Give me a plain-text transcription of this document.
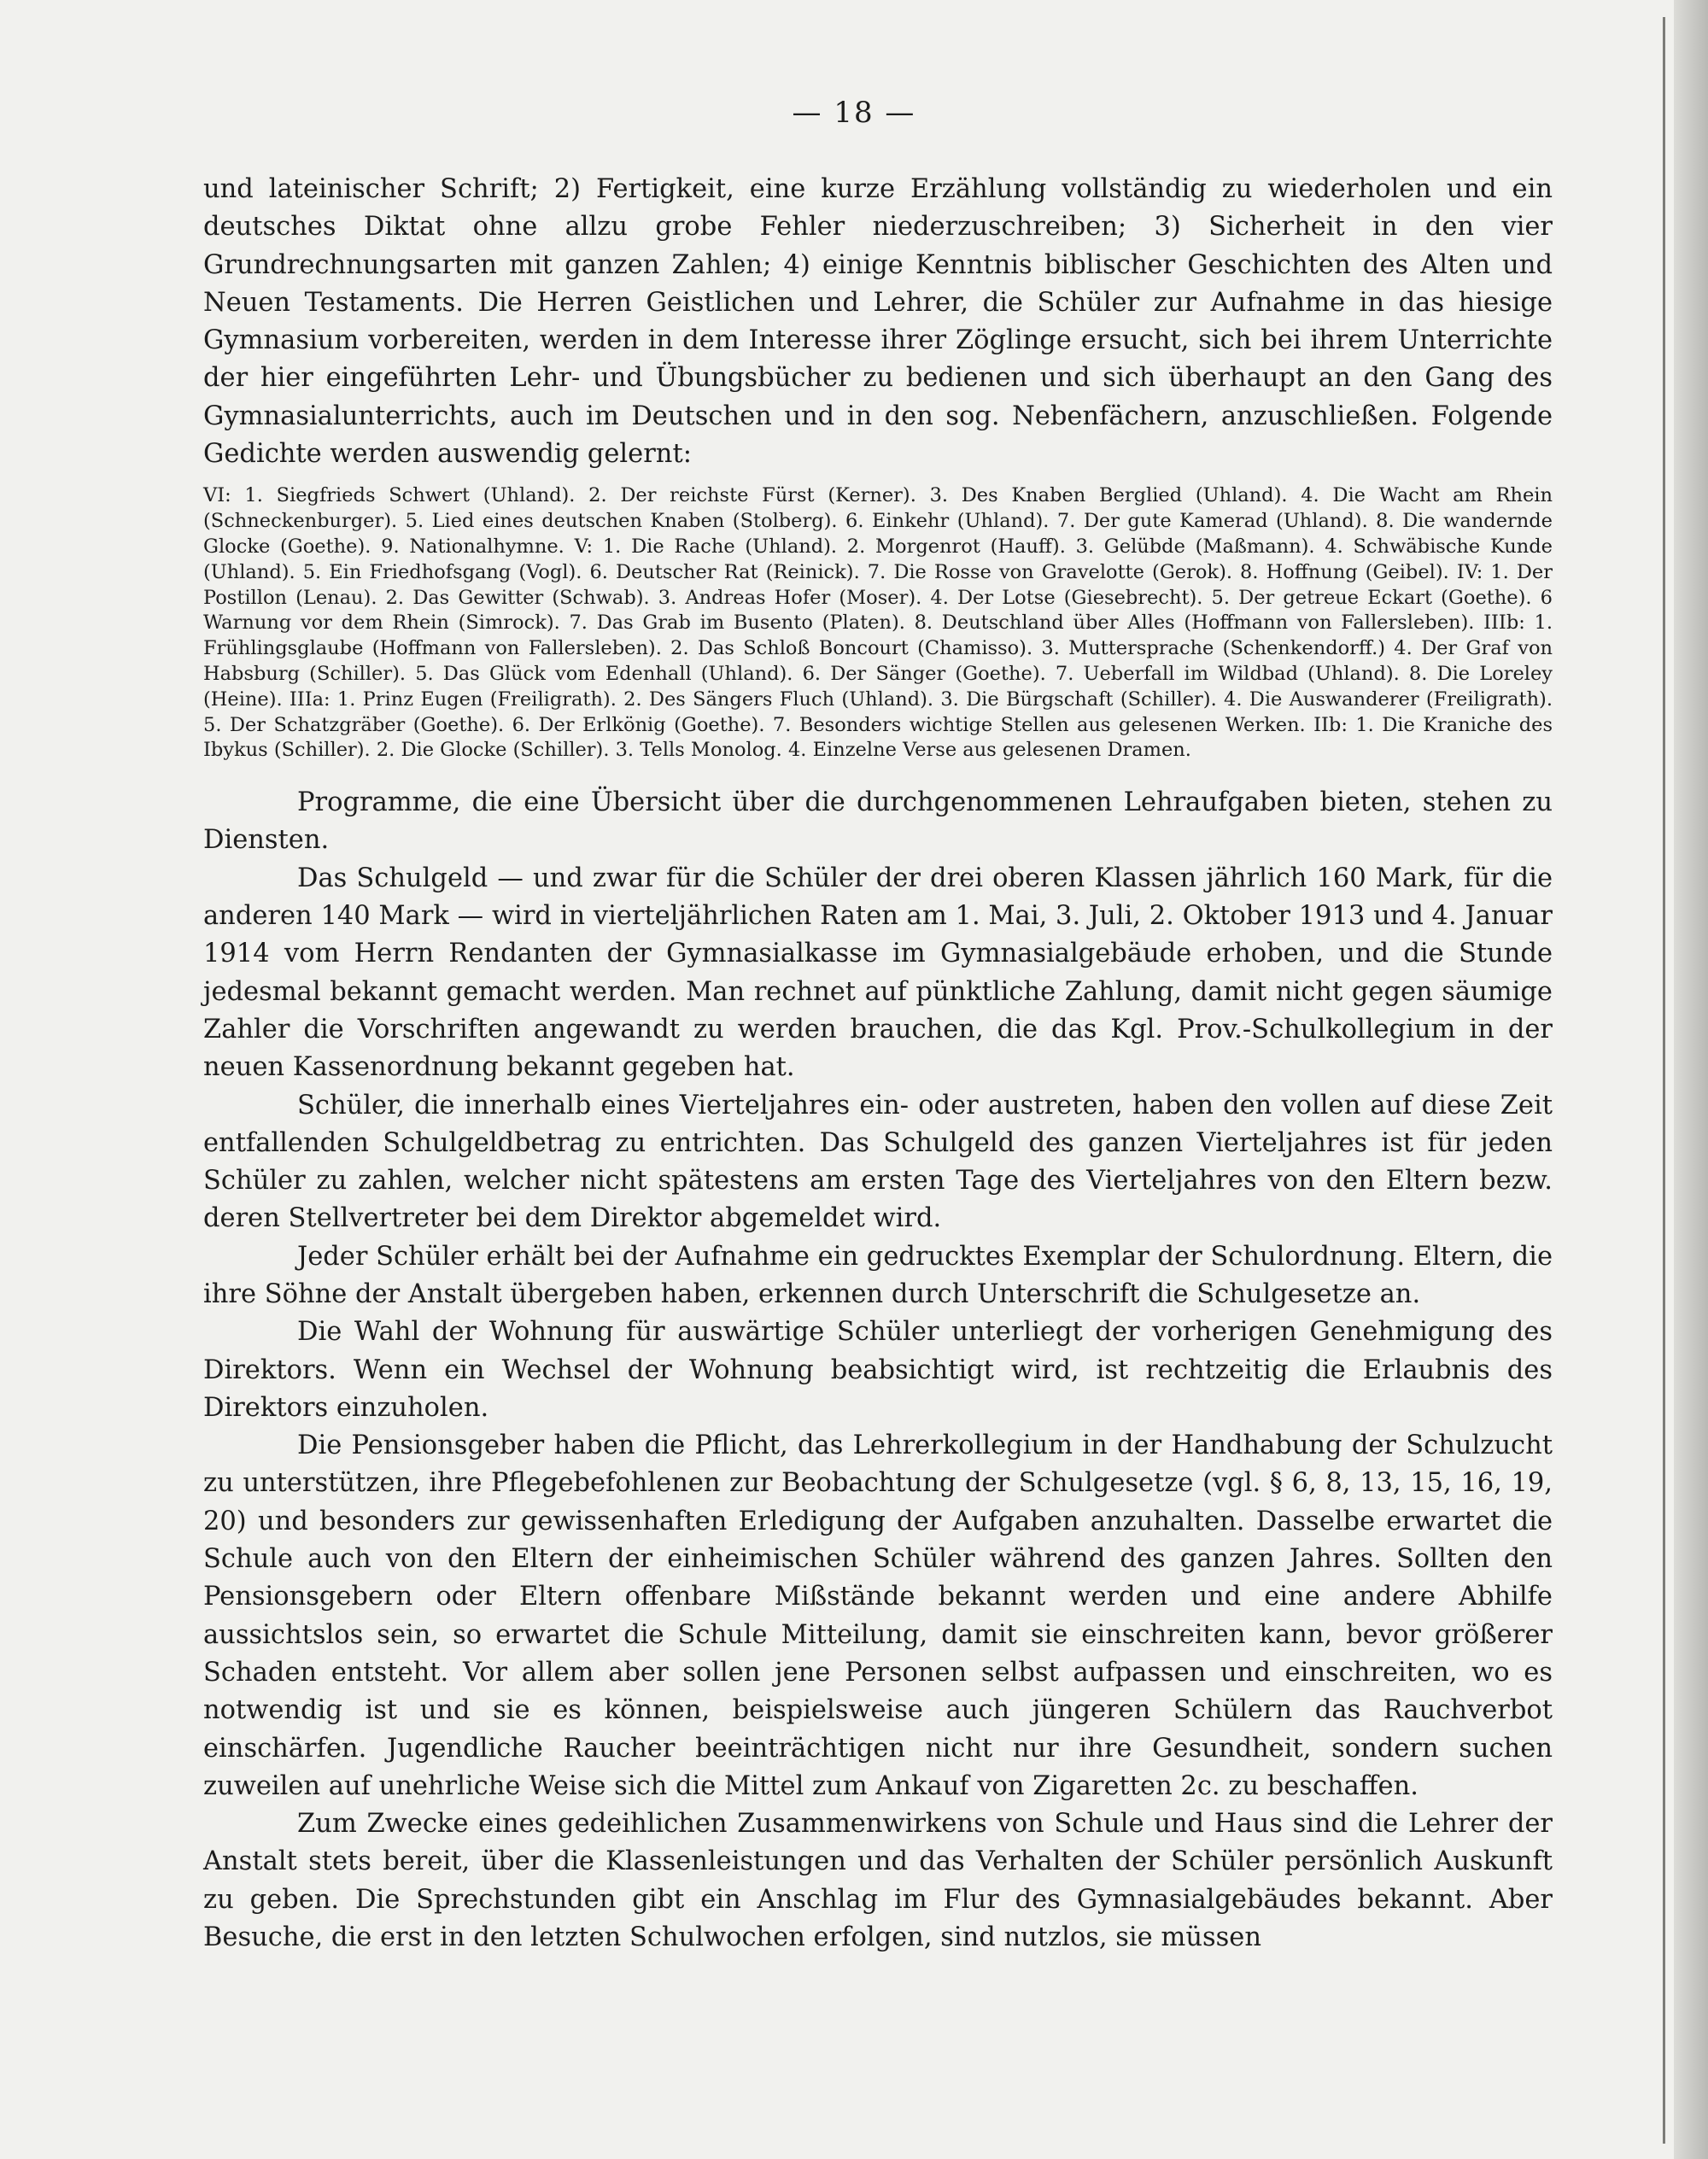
— 18 —

und lateinischer Schrift; 2) Fertigkeit, eine kurze Erzählung vollständig zu wiederholen und ein deutsches Diktat ohne allzu grobe Fehler niederzuschreiben; 3) Sicherheit in den vier Grundrechnungsarten mit ganzen Zahlen; 4) einige Kenntnis biblischer Geschichten des Alten und Neuen Testaments. Die Herren Geistlichen und Lehrer, die Schüler zur Aufnahme in das hiesige Gymnasium vorbereiten, werden in dem Interesse ihrer Zöglinge ersucht, sich bei ihrem Unterrichte der hier eingeführten Lehr- und Übungsbücher zu bedienen und sich überhaupt an den Gang des Gymnasialunterrichts, auch im Deutschen und in den sog. Nebenfächern, anzuschließen. Folgende Gedichte werden auswendig gelernt:

VI: 1. Siegfrieds Schwert (Uhland). 2. Der reichste Fürst (Kerner). 3. Des Knaben Berglied (Uhland). 4. Die Wacht am Rhein (Schneckenburger). 5. Lied eines deutschen Knaben (Stolberg). 6. Einkehr (Uhland). 7. Der gute Kamerad (Uhland). 8. Die wandernde Glocke (Goethe). 9. Nationalhymne. V: 1. Die Rache (Uhland). 2. Morgenrot (Hauff). 3. Gelübde (Maßmann). 4. Schwäbische Kunde (Uhland). 5. Ein Friedhofsgang (Vogl). 6. Deutscher Rat (Reinick). 7. Die Rosse von Gravelotte (Gerok). 8. Hoffnung (Geibel). IV: 1. Der Postillon (Lenau). 2. Das Gewitter (Schwab). 3. Andreas Hofer (Moser). 4. Der Lotse (Giesebrecht). 5. Der getreue Eckart (Goethe). 6 Warnung vor dem Rhein (Simrock). 7. Das Grab im Busento (Platen). 8. Deutschland über Alles (Hoffmann von Fallersleben). IIIb: 1. Frühlingsglaube (Hoffmann von Fallersleben). 2. Das Schloß Boncourt (Chamisso). 3. Muttersprache (Schenkendorff.) 4. Der Graf von Habsburg (Schiller). 5. Das Glück vom Edenhall (Uhland). 6. Der Sänger (Goethe). 7. Ueberfall im Wildbad (Uhland). 8. Die Loreley (Heine). IIIa: 1. Prinz Eugen (Freiligrath). 2. Des Sängers Fluch (Uhland). 3. Die Bürgschaft (Schiller). 4. Die Auswanderer (Freiligrath). 5. Der Schatzgräber (Goethe). 6. Der Erlkönig (Goethe). 7. Besonders wichtige Stellen aus gelesenen Werken. IIb: 1. Die Kraniche des Ibykus (Schiller). 2. Die Glocke (Schiller). 3. Tells Monolog. 4. Einzelne Verse aus gelesenen Dramen.

Programme, die eine Übersicht über die durchgenommenen Lehraufgaben bieten, stehen zu Diensten.

Das Schulgeld — und zwar für die Schüler der drei oberen Klassen jährlich 160 Mark, für die anderen 140 Mark — wird in vierteljährlichen Raten am 1. Mai, 3. Juli, 2. Oktober 1913 und 4. Januar 1914 vom Herrn Rendanten der Gymnasialkasse im Gymnasialgebäude erhoben, und die Stunde jedesmal bekannt gemacht werden. Man rechnet auf pünktliche Zahlung, damit nicht gegen säumige Zahler die Vorschriften angewandt zu werden brauchen, die das Kgl. Prov.-Schulkollegium in der neuen Kassenordnung bekannt gegeben hat.

Schüler, die innerhalb eines Vierteljahres ein- oder austreten, haben den vollen auf diese Zeit entfallenden Schulgeldbetrag zu entrichten. Das Schulgeld des ganzen Vierteljahres ist für jeden Schüler zu zahlen, welcher nicht spätestens am ersten Tage des Vierteljahres von den Eltern bezw. deren Stellvertreter bei dem Direktor abgemeldet wird.

Jeder Schüler erhält bei der Aufnahme ein gedrucktes Exemplar der Schulordnung. Eltern, die ihre Söhne der Anstalt übergeben haben, erkennen durch Unterschrift die Schulgesetze an.

Die Wahl der Wohnung für auswärtige Schüler unterliegt der vorherigen Genehmigung des Direktors. Wenn ein Wechsel der Wohnung beabsichtigt wird, ist rechtzeitig die Erlaubnis des Direktors einzuholen.

Die Pensionsgeber haben die Pflicht, das Lehrerkollegium in der Handhabung der Schulzucht zu unterstützen, ihre Pflegebefohlenen zur Beobachtung der Schulgesetze (vgl. § 6, 8, 13, 15, 16, 19, 20) und besonders zur gewissenhaften Erledigung der Aufgaben anzuhalten. Dasselbe erwartet die Schule auch von den Eltern der einheimischen Schüler während des ganzen Jahres. Sollten den Pensionsgebern oder Eltern offenbare Mißstände bekannt werden und eine andere Abhilfe aussichtslos sein, so erwartet die Schule Mitteilung, damit sie einschreiten kann, bevor größerer Schaden entsteht. Vor allem aber sollen jene Personen selbst aufpassen und einschreiten, wo es notwendig ist und sie es können, beispielsweise auch jüngeren Schülern das Rauchverbot einschärfen. Jugendliche Raucher beeinträchtigen nicht nur ihre Gesundheit, sondern suchen zuweilen auf unehrliche Weise sich die Mittel zum Ankauf von Zigaretten 2c. zu beschaffen.

Zum Zwecke eines gedeihlichen Zusammenwirkens von Schule und Haus sind die Lehrer der Anstalt stets bereit, über die Klassenleistungen und das Verhalten der Schüler persönlich Auskunft zu geben. Die Sprechstunden gibt ein Anschlag im Flur des Gymnasialgebäudes bekannt. Aber Besuche, die erst in den letzten Schulwochen erfolgen, sind nutzlos, sie müssen
